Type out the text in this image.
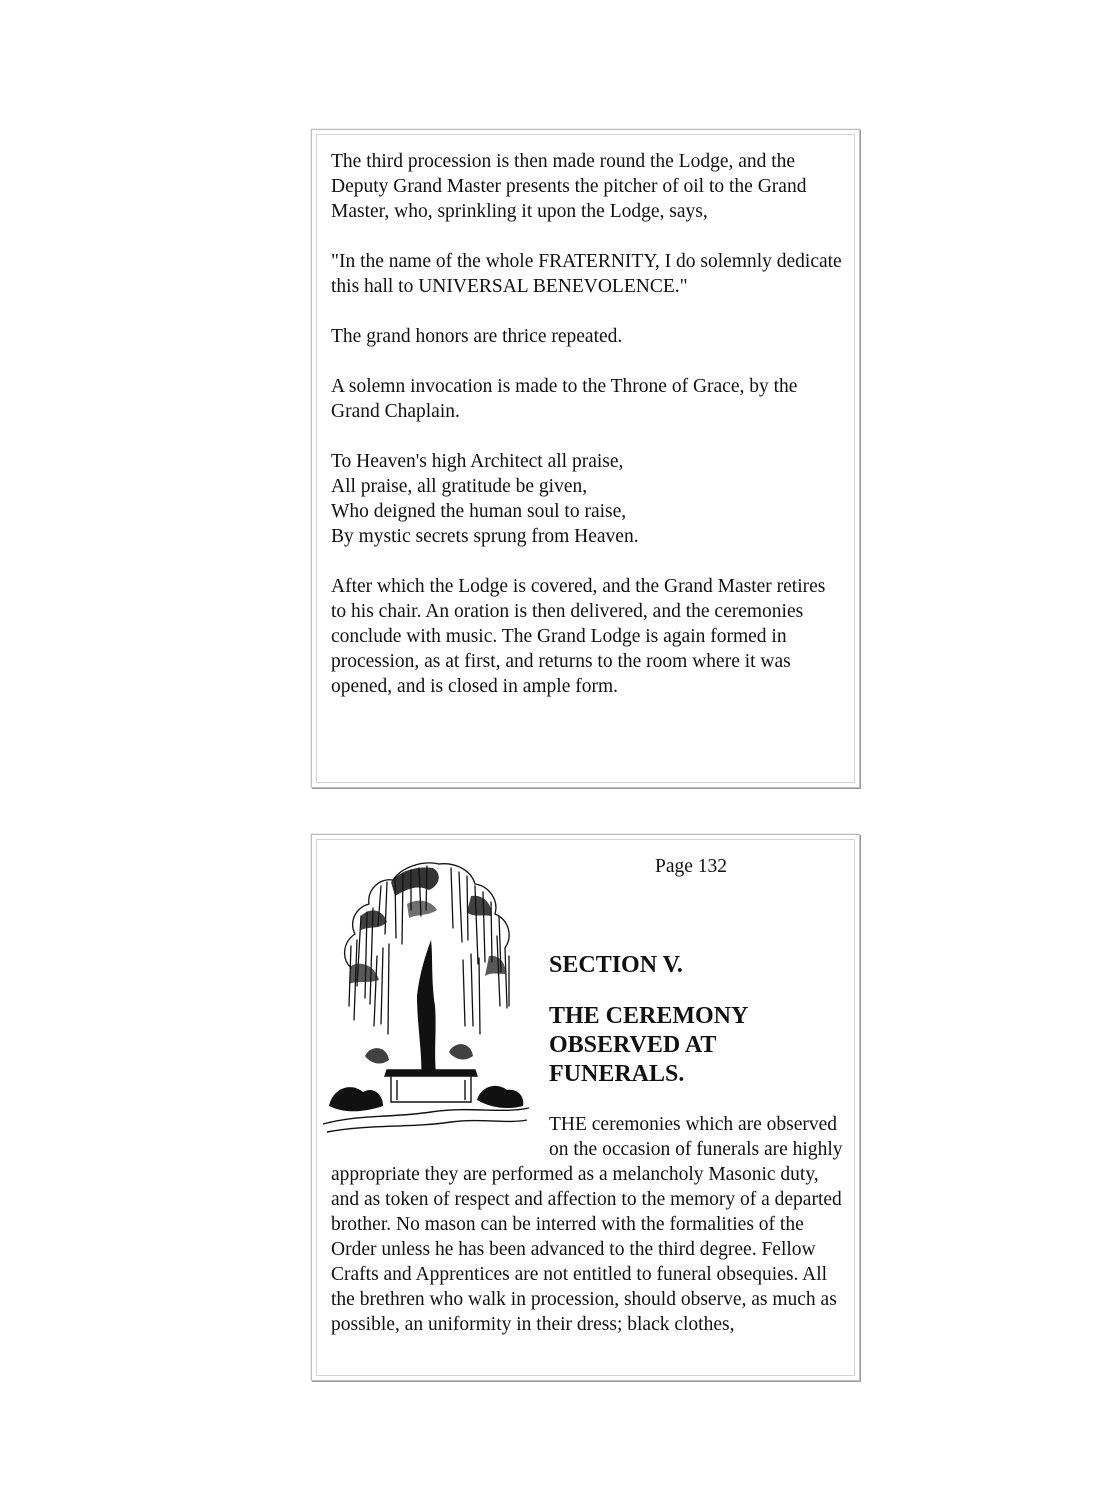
The third procession is then made round the Lodge, and the Deputy Grand Master presents the pitcher of oil to the Grand Master, who, sprinkling it upon the Lodge, says,

"In the name of the whole FRATERNITY, I do solemnly dedicate this hall to UNIVERSAL BENEVOLENCE."

The grand honors are thrice repeated.

A solemn invocation is made to the Throne of Grace, by the Grand Chaplain.

To Heaven's high Architect all praise,
All praise, all gratitude be given,
Who deigned the human soul to raise,
By mystic secrets sprung from Heaven.

After which the Lodge is covered, and the Grand Master retires to his chair. An oration is then delivered, and the ceremonies conclude with music. The Grand Lodge is again formed in procession, as at first, and returns to the room where it was opened, and is closed in ample form.

Page 132
SECTION V.
THE CEREMONY OBSERVED AT FUNERALS.
THE ceremonies which are observed on the occasion of funerals are highly appropriate they are performed as a melancholy Masonic duty, and as token of respect and affection to the memory of a departed brother. No mason can be interred with the formalities of the Order unless he has been advanced to the third degree. Fellow Crafts and Apprentices are not entitled to funeral obsequies. All the brethren who walk in procession, should observe, as much as possible, an uniformity in their dress; black clothes,
